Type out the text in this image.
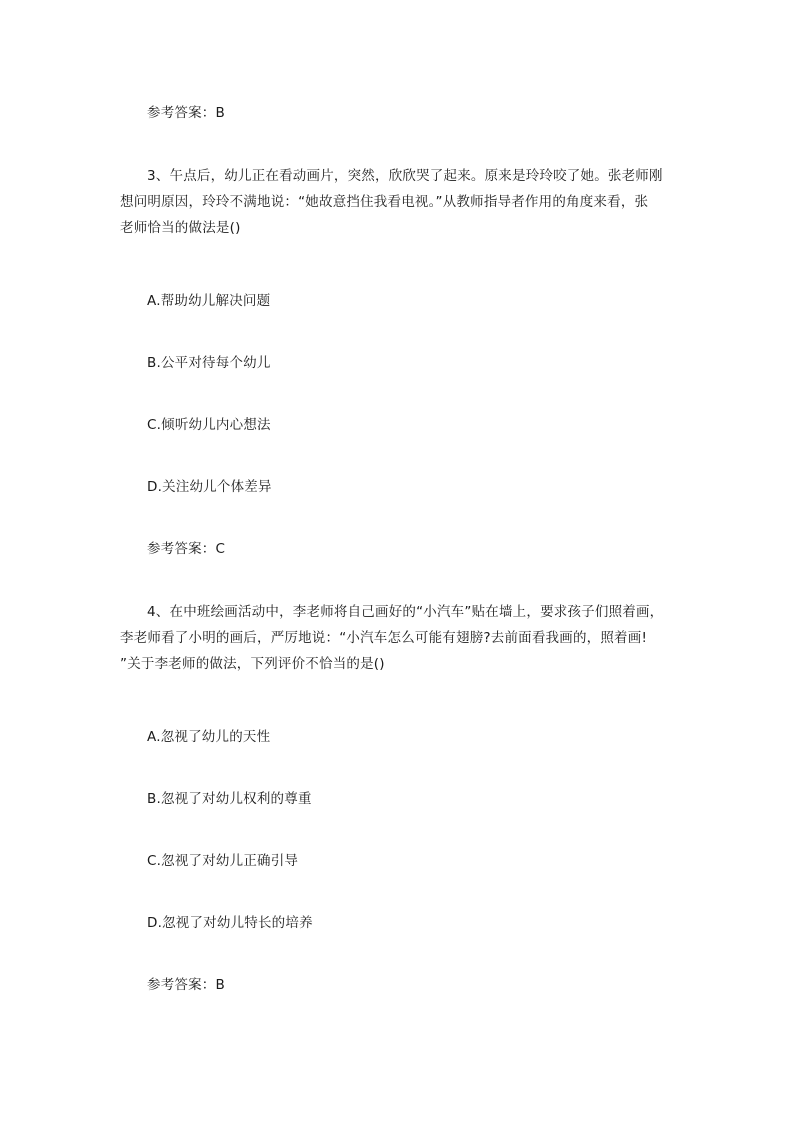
参考答案：B
3、午点后，幼儿正在看动画片，突然，欣欣哭了起来。原来是玲玲咬了她。张老师刚
想问明原因，玲玲不满地说：“她故意挡住我看电视。”从教师指导者作用的角度来看，张
老师恰当的做法是()
A.帮助幼儿解决问题
B.公平对待每个幼儿
C.倾听幼儿内心想法
D.关注幼儿个体差异
参考答案：C
4、在中班绘画活动中，李老师将自己画好的“小汽车”贴在墙上，要求孩子们照着画，
李老师看了小明的画后，严厉地说：“小汽车怎么可能有翅膀?去前面看我画的，照着画!
”关于李老师的做法，下列评价不恰当的是()
A.忽视了幼儿的天性
B.忽视了对幼儿权利的尊重
C.忽视了对幼儿正确引导
D.忽视了对幼儿特长的培养
参考答案：B
